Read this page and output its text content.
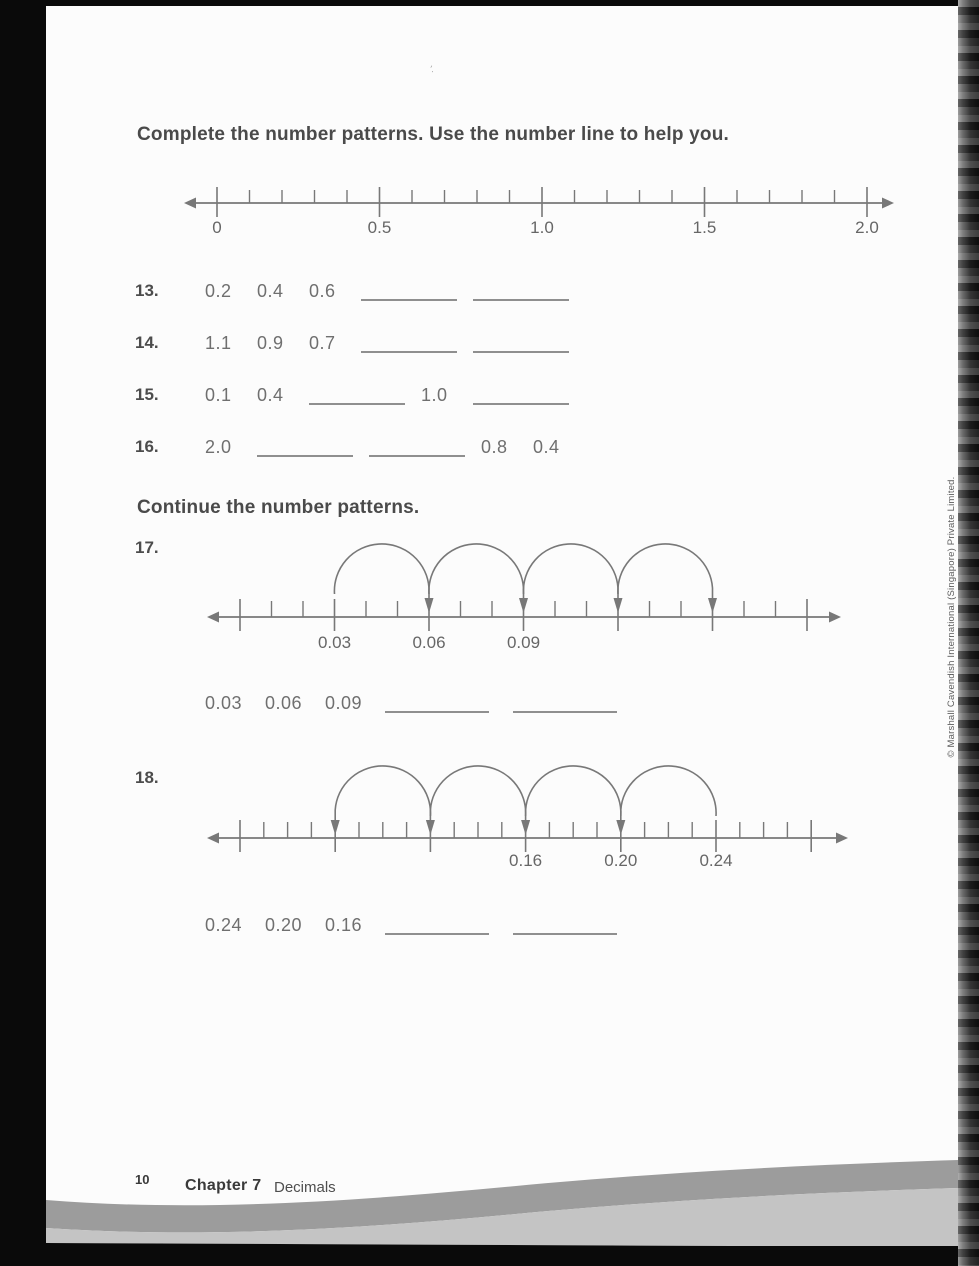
′.
Complete the number patterns. Use the number line to help you.
0	0.5	1.0	1.5	2.0
13.	0.2	0.4	0.6
14.	1.1	0.9	0.7
15.	0.1	0.4	1.0
16.	2.0	0.8	0.4
Continue the number patterns.
17.
0.03	0.06	0.09
0.03	0.06	0.09
18.
0.16	0.20	0.24
0.24	0.20	0.16
© Marshall Cavendish International (Singapore) Private Limited.
10 Chapter 7 Decimals
